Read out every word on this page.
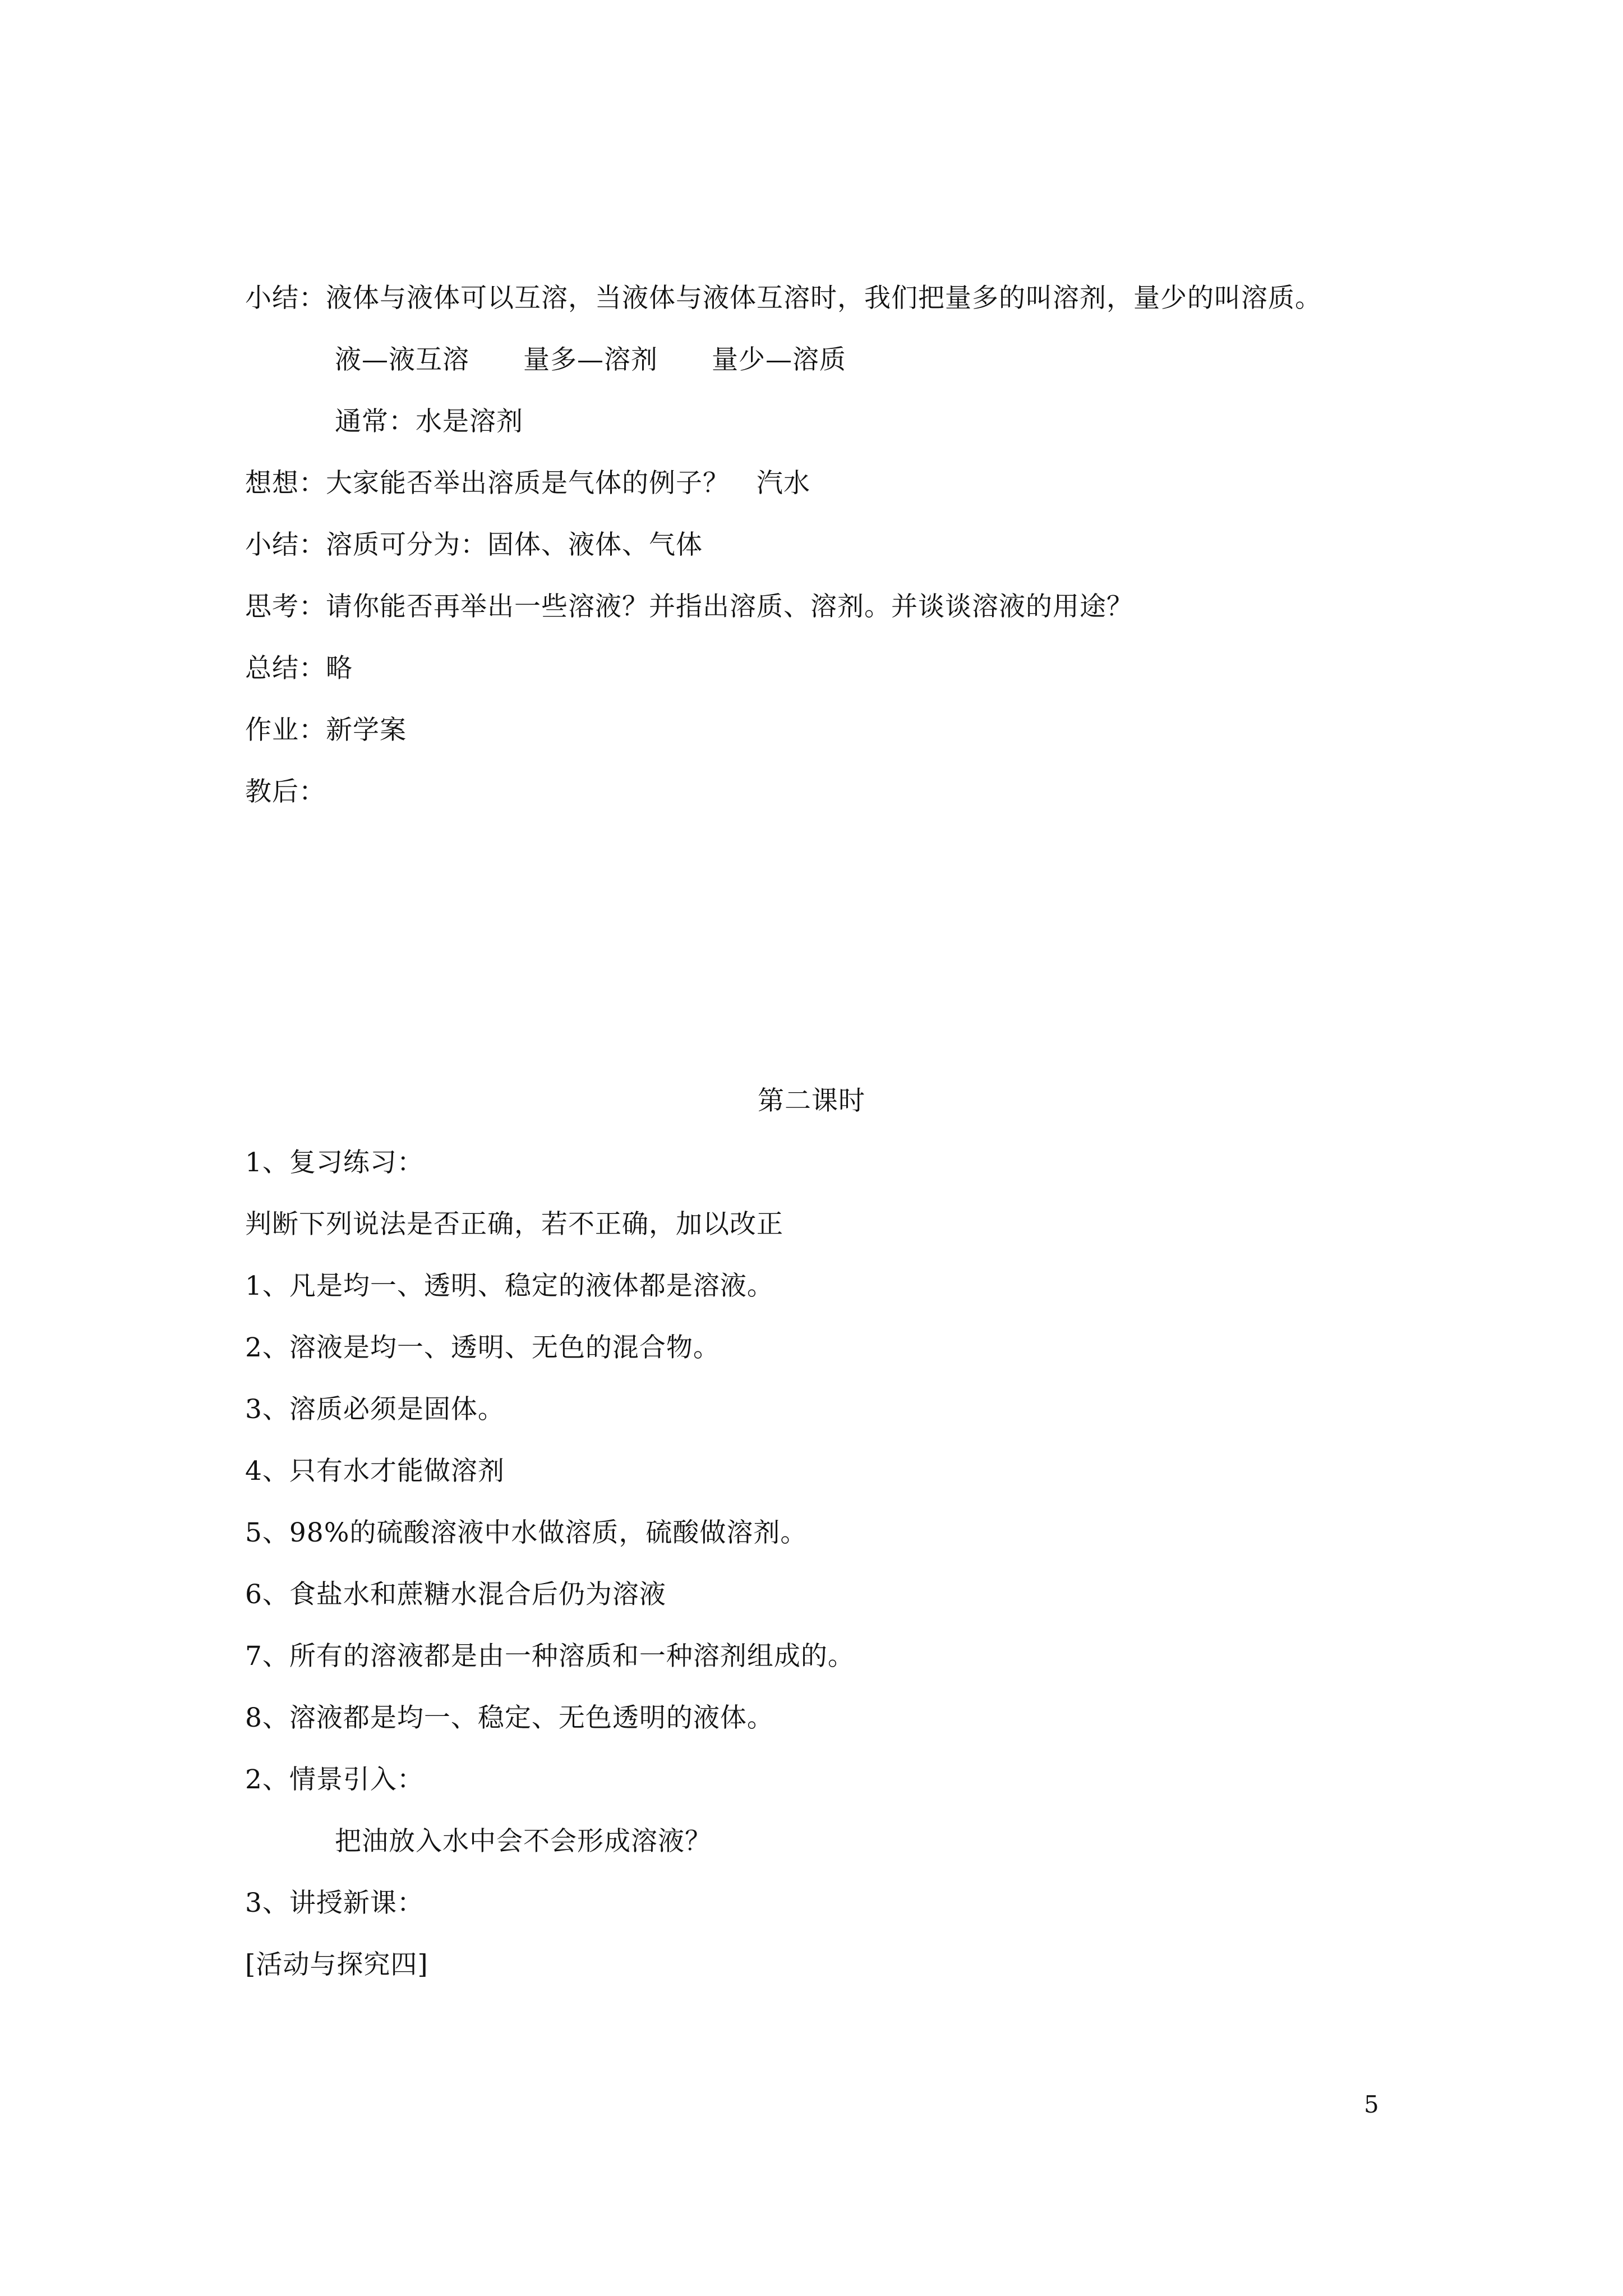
小结：液体与液体可以互溶，当液体与液体互溶时，我们把量多的叫溶剂，量少的叫溶质。
液—液互溶　　量多—溶剂　　量少—溶质
通常：水是溶剂
想想：大家能否举出溶质是气体的例子？　汽水
小结：溶质可分为：固体、液体、气体
思考：请你能否再举出一些溶液？并指出溶质、溶剂。并谈谈溶液的用途？
总结：略
作业：新学案
教后：
第二课时
1、复习练习：
判断下列说法是否正确，若不正确，加以改正
1、凡是均一、透明、稳定的液体都是溶液。
2、溶液是均一、透明、无色的混合物。
3、溶质必须是固体。
4、只有水才能做溶剂
5、98%的硫酸溶液中水做溶质，硫酸做溶剂。
6、食盐水和蔗糖水混合后仍为溶液
7、所有的溶液都是由一种溶质和一种溶剂组成的。
8、溶液都是均一、稳定、无色透明的液体。
2、情景引入：
把油放入水中会不会形成溶液？
3、讲授新课：
[活动与探究四]
5
